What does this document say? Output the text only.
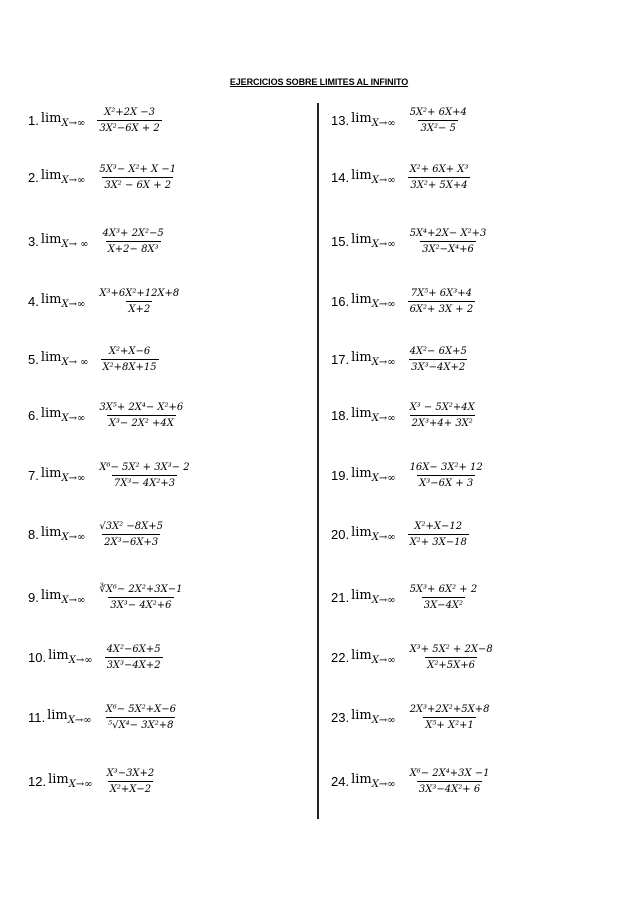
EJERCICIOS SOBRE LIMITES AL INFINITO
1. $\lim_{X\to\infty} \frac{\text{X²+2X −3}}{\text{3X²−6X + 2}}$
2. $\lim_{X\to\infty} \frac{\text{5X³− X²+ X −1}}{\text{3X² − 6X + 2}}$
3. $\lim_{X\to \infty} \frac{\text{4X³+ 2X²−5}}{\text{X+2− 8X³}}$
4. $\lim_{X\to\infty} \frac{\text{X³+6X²+12X+8}}{X+2}$
5. $\lim_{X\to \infty} \frac{\text{X²+X−6}}{\text{X²+8X+15}}$
6. $\lim_{X\to\infty} \frac{\text{3X⁵+ 2X⁴− X²+6}}{\text{X³− 2X² +4X}}$
7. $\lim_{X\to\infty} \frac{\text{X⁶− 5X² + 3X³− 2}}{\text{7X³− 4X²+3}}$
8. $\lim_{X\to\infty} \frac{\text{√3X² −8X+5}}{\text{2X³−6X+3}}$
9. $\lim_{X\to\infty} \frac{\text{∛X⁶− 2X²+3X−1}}{\text{3X³− 4X²+6}}$
10. $\lim_{X\to\infty} \frac{\text{4X²−6X+5}}{\text{3X³−4X+2}}$
11. $\lim_{X\to\infty} \frac{\text{X⁶− 5X²+X−6}}{\text{⁵√X⁴− 3X²+8}}$
12. $\lim_{X\to\infty} \frac{\text{X³−3X+2}}{\text{X²+X−2}}$
13. $\lim_{X\to\infty} \frac{\text{5X²+ 6X+4}}{\text{3X²− 5}}$
14. $\lim_{X\to\infty} \frac{\text{X²+ 6X+ X³}}{\text{3X²+ 5X+4}}$
15. $\lim_{X\to\infty} \frac{\text{5X⁴+2X− X²+3}}{\text{3X²−X⁴+6}}$
16. $\lim_{X\to\infty} \frac{\text{7X⁵+ 6X³+4}}{\text{6X²+ 3X + 2}}$
17. $\lim_{X\to\infty} \frac{\text{4X²− 6X+5}}{\text{3X³−4X+2}}$
18. $\lim_{X\to\infty} \frac{\text{X³ − 5X²+4X}}{\text{2X³+4+ 3X²}}$
19. $\lim_{X\to\infty} \frac{\text{16X− 3X²+ 12}}{\text{X³−6X + 3}}$
20. $\lim_{X\to\infty} \frac{\text{X²+X−12}}{\text{X²+ 3X−18}}$
21. $\lim_{X\to\infty} \frac{\text{5X³+ 6X² + 2}}{\text{3X−4X²}}$
22. $\lim_{X\to\infty} \frac{\text{X³+ 5X² + 2X−8}}{\text{X²+5X+6}}$
23. $\lim_{X\to\infty} \frac{\text{2X³+2X²+5X+8}}{\text{X⁵+ X²+1}}$
24. $\lim_{X\to\infty} \frac{\text{X⁶− 2X⁴+3X −1}}{\text{3X³−4X²+ 6}}$
